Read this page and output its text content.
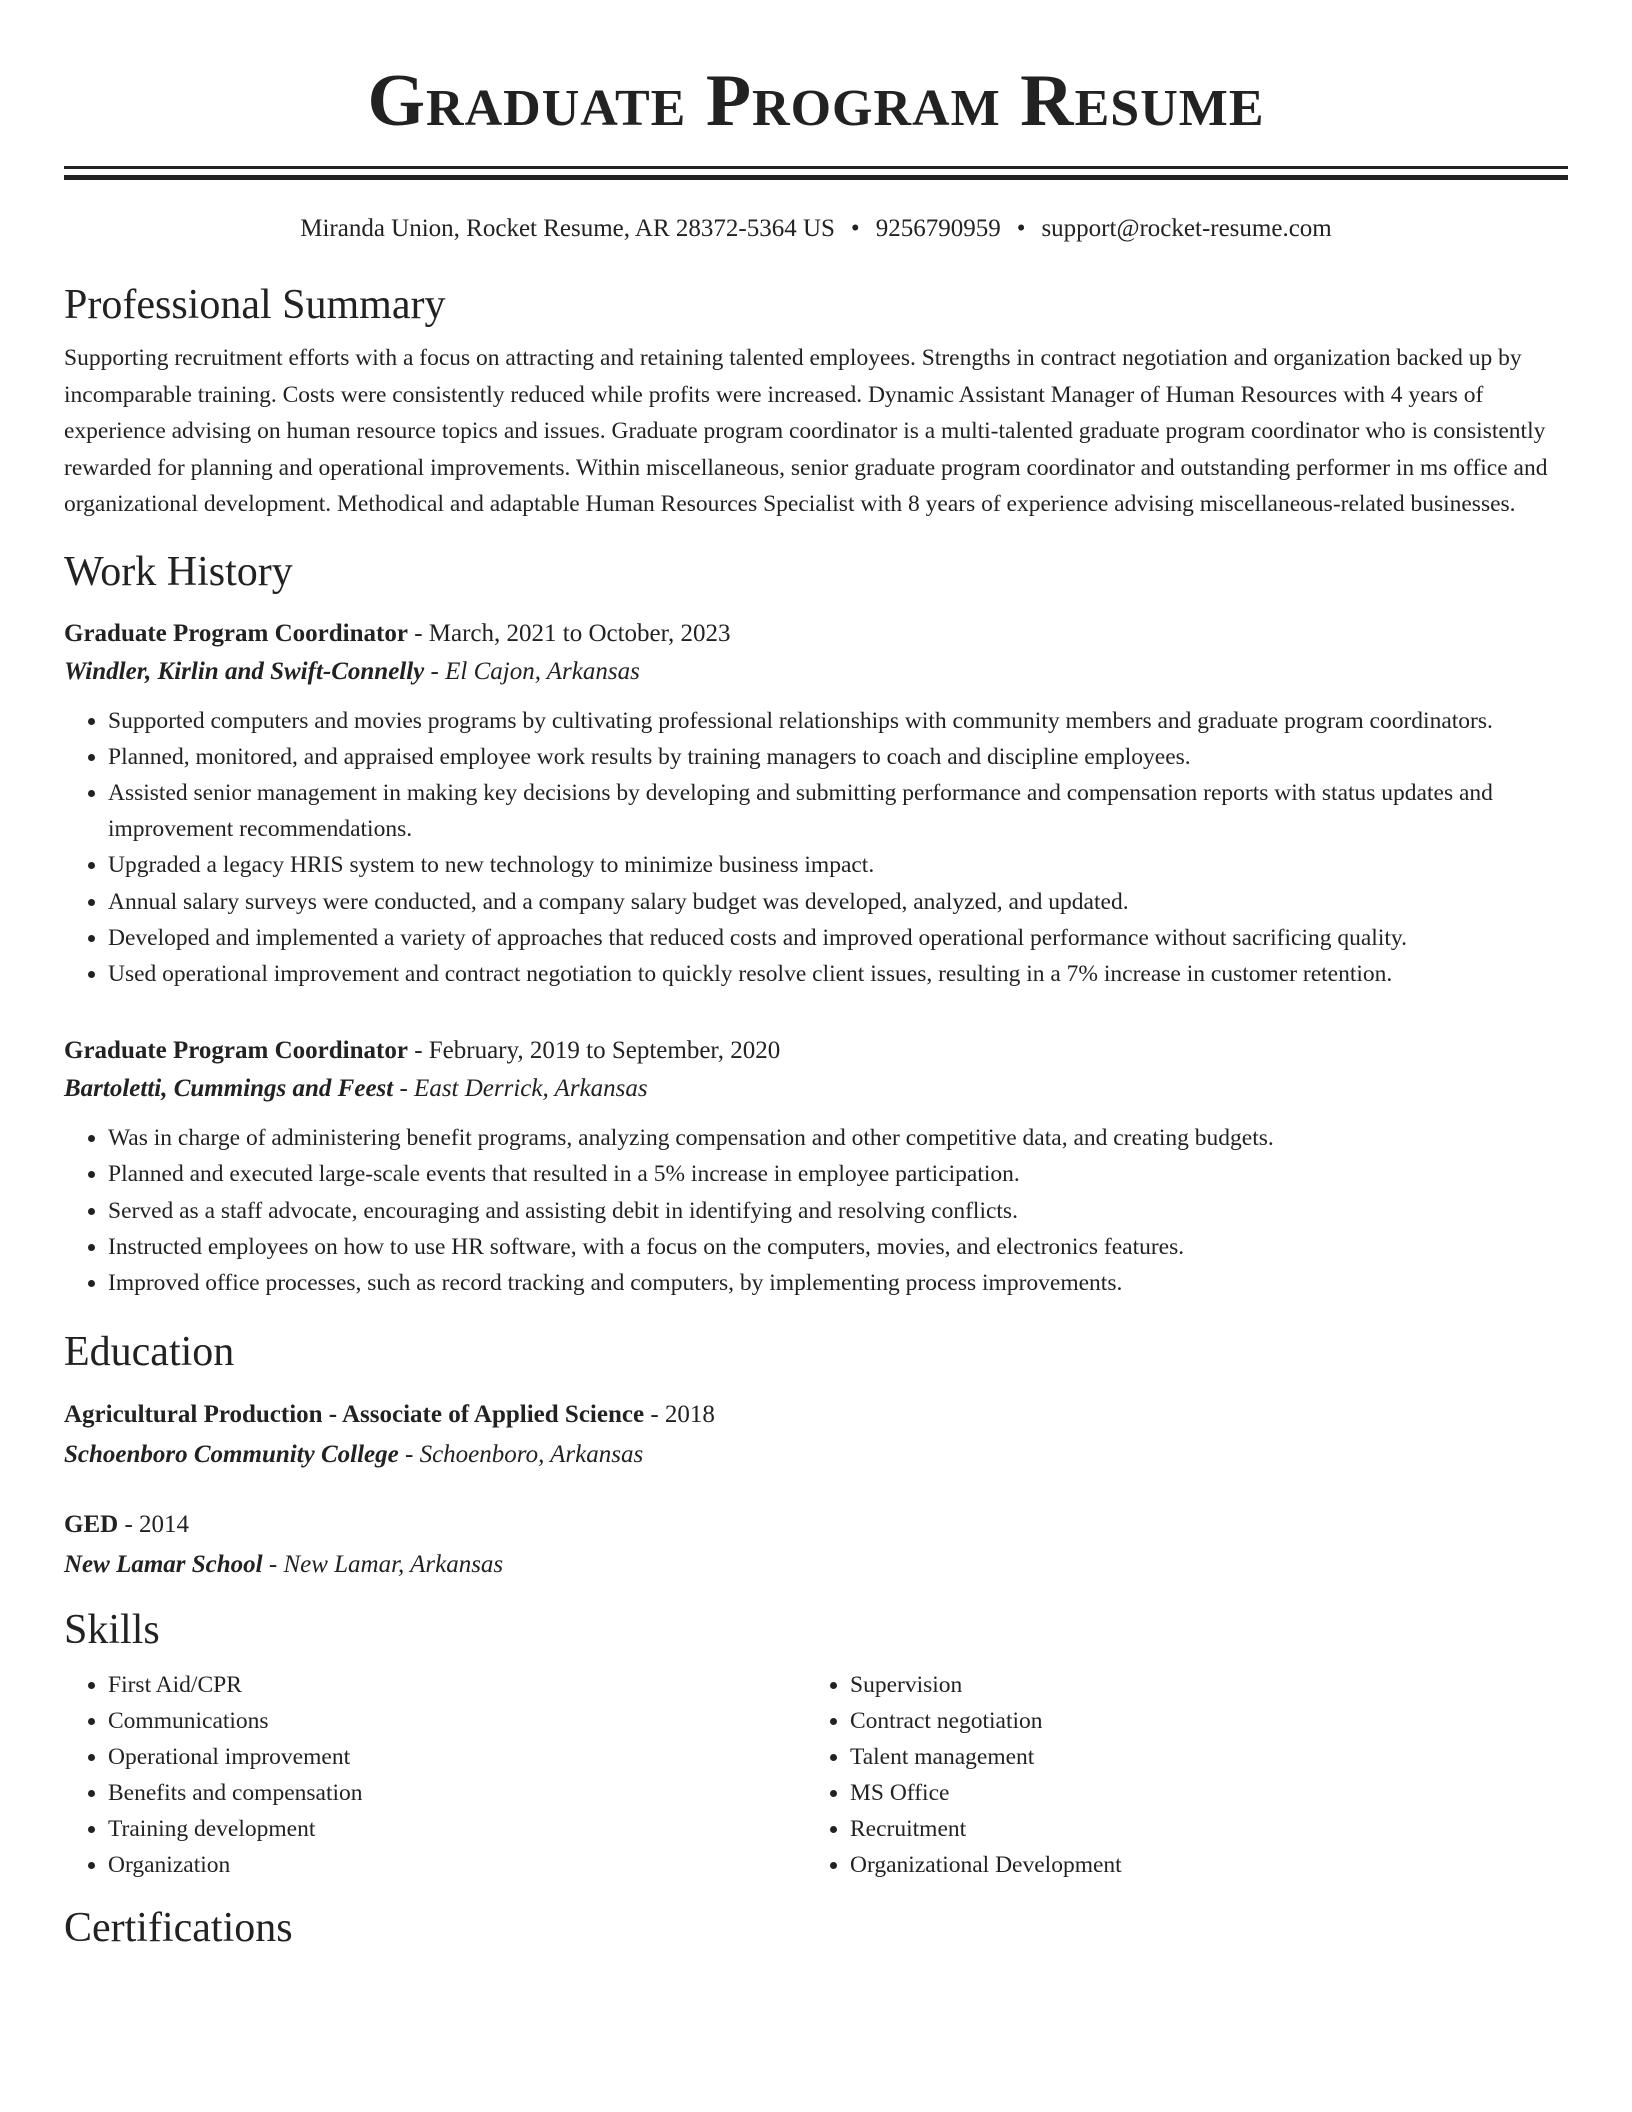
Graduate Program Resume
Miranda Union, Rocket Resume, AR 28372-5364 US • 9256790959 • support@rocket-resume.com
Professional Summary

Supporting recruitment efforts with a focus on attracting and retaining talented employees. Strengths in contract negotiation and organization backed up by incomparable training. Costs were consistently reduced while profits were increased. Dynamic Assistant Manager of Human Resources with 4 years of experience advising on human resource topics and issues. Graduate program coordinator is a multi-talented graduate program coordinator who is consistently rewarded for planning and operational improvements. Within miscellaneous, senior graduate program coordinator and outstanding performer in ms office and organizational development. Methodical and adaptable Human Resources Specialist with 8 years of experience advising miscellaneous-related businesses.

Work History
Graduate Program Coordinator - March, 2021 to October, 2023
Windler, Kirlin and Swift-Connelly - El Cajon, Arkansas
• Supported computers and movies programs by cultivating professional relationships with community members and graduate program coordinators.
• Planned, monitored, and appraised employee work results by training managers to coach and discipline employees.
• Assisted senior management in making key decisions by developing and submitting performance and compensation reports with status updates and improvement recommendations.
• Upgraded a legacy HRIS system to new technology to minimize business impact.
• Annual salary surveys were conducted, and a company salary budget was developed, analyzed, and updated.
• Developed and implemented a variety of approaches that reduced costs and improved operational performance without sacrificing quality.
• Used operational improvement and contract negotiation to quickly resolve client issues, resulting in a 7% increase in customer retention.
Graduate Program Coordinator - February, 2019 to September, 2020
Bartoletti, Cummings and Feest - East Derrick, Arkansas
• Was in charge of administering benefit programs, analyzing compensation and other competitive data, and creating budgets.
• Planned and executed large-scale events that resulted in a 5% increase in employee participation.
• Served as a staff advocate, encouraging and assisting debit in identifying and resolving conflicts.
• Instructed employees on how to use HR software, with a focus on the computers, movies, and electronics features.
• Improved office processes, such as record tracking and computers, by implementing process improvements.
Education
Agricultural Production - Associate of Applied Science - 2018
Schoenboro Community College - Schoenboro, Arkansas
GED - 2014
New Lamar School - New Lamar, Arkansas
Skills
• First Aid/CPR
• Communications
• Operational improvement
• Benefits and compensation
• Training development
• Organization
• Supervision
• Contract negotiation
• Talent management
• MS Office
• Recruitment
• Organizational Development
Certifications
